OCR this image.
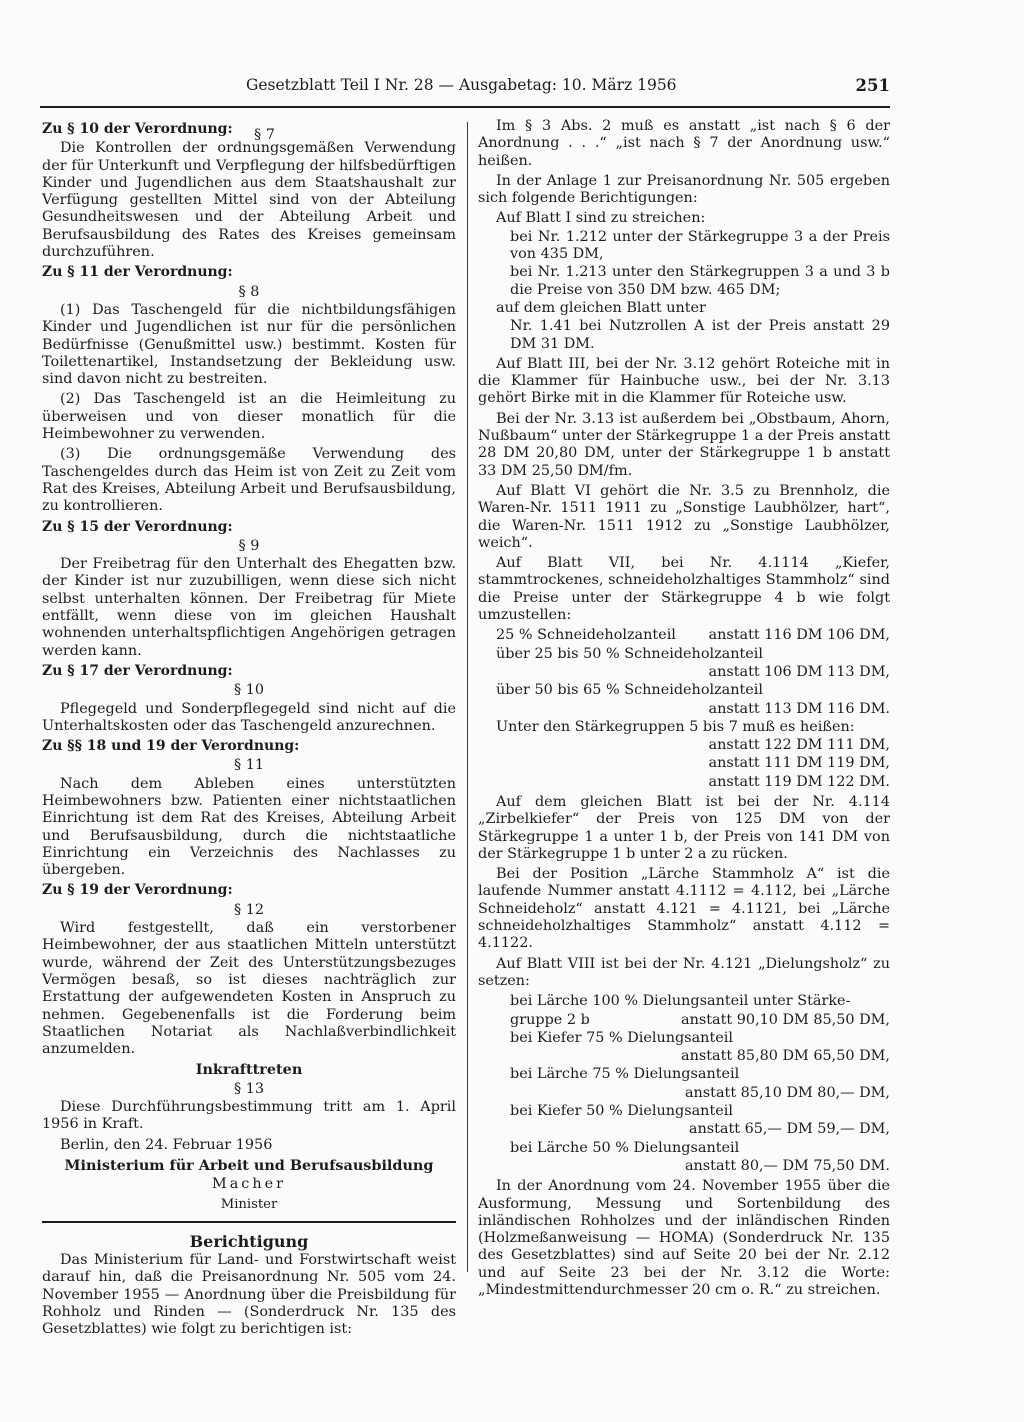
Gesetzblatt Teil I Nr. 28 — Ausgabetag: 10. März 1956	251
Zu § 10 der Verordnung:	§ 7

Die Kontrollen der ordnungsgemäßen Verwendung der für Unterkunft und Verpflegung der hilfsbedürftigen Kinder und Jugendlichen aus dem Staatshaushalt zur Verfügung gestellten Mittel sind von der Abteilung Gesundheitswesen und der Abteilung Arbeit und Berufsausbildung des Rates des Kreises gemeinsam durchzuführen.

Zu § 11 der Verordnung:
§ 8

(1) Das Taschengeld für die nichtbildungsfähigen Kinder und Jugendlichen ist nur für die persönlichen Bedürfnisse (Genußmittel usw.) bestimmt. Kosten für Toilettenartikel, Instandsetzung der Bekleidung usw. sind davon nicht zu bestreiten.

(2) Das Taschengeld ist an die Heimleitung zu überweisen und von dieser monatlich für die Heimbewohner zu verwenden.

(3) Die ordnungsgemäße Verwendung des Taschengeldes durch das Heim ist von Zeit zu Zeit vom Rat des Kreises, Abteilung Arbeit und Berufsausbildung, zu kontrollieren.

Zu § 15 der Verordnung:
§ 9

Der Freibetrag für den Unterhalt des Ehegatten bzw. der Kinder ist nur zuzubilligen, wenn diese sich nicht selbst unterhalten können. Der Freibetrag für Miete entfällt, wenn diese von im gleichen Haushalt wohnenden unterhaltspflichtigen Angehörigen getragen werden kann.

Zu § 17 der Verordnung:
§ 10

Pflegegeld und Sonderpflegegeld sind nicht auf die Unterhaltskosten oder das Taschengeld anzurechnen.

Zu §§ 18 und 19 der Verordnung:
§ 11

Nach dem Ableben eines unterstützten Heimbewohners bzw. Patienten einer nichtstaatlichen Einrichtung ist dem Rat des Kreises, Abteilung Arbeit und Berufsausbildung, durch die nichtstaatliche Einrichtung ein Verzeichnis des Nachlasses zu übergeben.

Zu § 19 der Verordnung:
§ 12

Wird festgestellt, daß ein verstorbener Heimbewohner, der aus staatlichen Mitteln unterstützt wurde, während der Zeit des Unterstützungsbezuges Vermögen besaß, so ist dieses nachträglich zur Erstattung der aufgewendeten Kosten in Anspruch zu nehmen. Gegebenenfalls ist die Forderung beim Staatlichen Notariat als Nachlaßverbindlichkeit anzumelden.

Inkrafttreten
§ 13

Diese Durchführungsbestimmung tritt am 1. April 1956 in Kraft.

Berlin, den 24. Februar 1956

Ministerium für Arbeit und Berufsausbildung
Macher
Minister
Berichtigung

Das Ministerium für Land- und Forstwirtschaft weist darauf hin, daß die Preisanordnung Nr. 505 vom 24. November 1955 — Anordnung über die Preisbildung für Rohholz und Rinden — (Sonderdruck Nr. 135 des Gesetzblattes) wie folgt zu berichtigen ist:

Im § 3 Abs. 2 muß es anstatt „ist nach § 6 der Anordnung . . .“ „ist nach § 7 der Anordnung usw.“ heißen.

In der Anlage 1 zur Preisanordnung Nr. 505 ergeben sich folgende Berichtigungen:

Auf Blatt I sind zu streichen:

bei Nr. 1.212 unter der Stärkegruppe 3 a der Preis von 435 DM,

bei Nr. 1.213 unter den Stärkegruppen 3 a und 3 b die Preise von 350 DM bzw. 465 DM;

auf dem gleichen Blatt unter

Nr. 1.41 bei Nutzrollen A ist der Preis anstatt 29 DM 31 DM.

Auf Blatt III, bei der Nr. 3.12 gehört Roteiche mit in die Klammer für Hainbuche usw., bei der Nr. 3.13 gehört Birke mit in die Klammer für Roteiche usw.

Bei der Nr. 3.13 ist außerdem bei „Obstbaum, Ahorn, Nußbaum“ unter der Stärkegruppe 1 a der Preis anstatt 28 DM 20,80 DM, unter der Stärkegruppe 1 b anstatt 33 DM 25,50 DM/fm.

Auf Blatt VI gehört die Nr. 3.5 zu Brennholz, die Waren-Nr. 1511 1911 zu „Sonstige Laubhölzer, hart“, die Waren-Nr. 1511 1912 zu „Sonstige Laubhölzer, weich“.

Auf Blatt VII, bei Nr. 4.1114 „Kiefer, stammtrockenes, schneideholzhaltiges Stammholz“ sind die Preise unter der Stärkegruppe 4 b wie folgt umzustellen:

25 % Schneideholzanteil anstatt 116 DM 106 DM,

über 25 bis 50 % Schneideholzanteil

anstatt 106 DM 113 DM,

über 50 bis 65 % Schneideholzanteil

anstatt 113 DM 116 DM.

Unter den Stärkegruppen 5 bis 7 muß es heißen:

anstatt 122 DM 111 DM,

anstatt 111 DM 119 DM,

anstatt 119 DM 122 DM.

Auf dem gleichen Blatt ist bei der Nr. 4.114 „Zirbelkiefer“ der Preis von 125 DM von der Stärkegruppe 1 a unter 1 b, der Preis von 141 DM von der Stärkegruppe 1 b unter 2 a zu rücken.

Bei der Position „Lärche Stammholz A“ ist die laufende Nummer anstatt 4.1112 = 4.112, bei „Lärche Schneideholz“ anstatt 4.121 = 4.1121, bei „Lärche schneideholzhaltiges Stammholz“ anstatt 4.112 = 4.1122.

Auf Blatt VIII ist bei der Nr. 4.121 „Dielungsholz“ zu setzen:

bei Lärche 100 % Dielungsanteil unter Stärke-

gruppe 2 b	anstatt 90,10 DM 85,50 DM,

bei Kiefer 75 % Dielungsanteil

anstatt 85,80 DM 65,50 DM,

bei Lärche 75 % Dielungsanteil

anstatt 85,10 DM 80,— DM,

bei Kiefer 50 % Dielungsanteil

anstatt 65,— DM 59,— DM,

bei Lärche 50 % Dielungsanteil

anstatt 80,— DM 75,50 DM.

In der Anordnung vom 24. November 1955 über die Ausformung, Messung und Sortenbildung des inländischen Rohholzes und der inländischen Rinden (Holzmeßanweisung — HOMA) (Sonderdruck Nr. 135 des Gesetzblattes) sind auf Seite 20 bei der Nr. 2.12 und auf Seite 23 bei der Nr. 3.12 die Worte: „Mindestmittendurchmesser 20 cm o. R.“ zu streichen.
